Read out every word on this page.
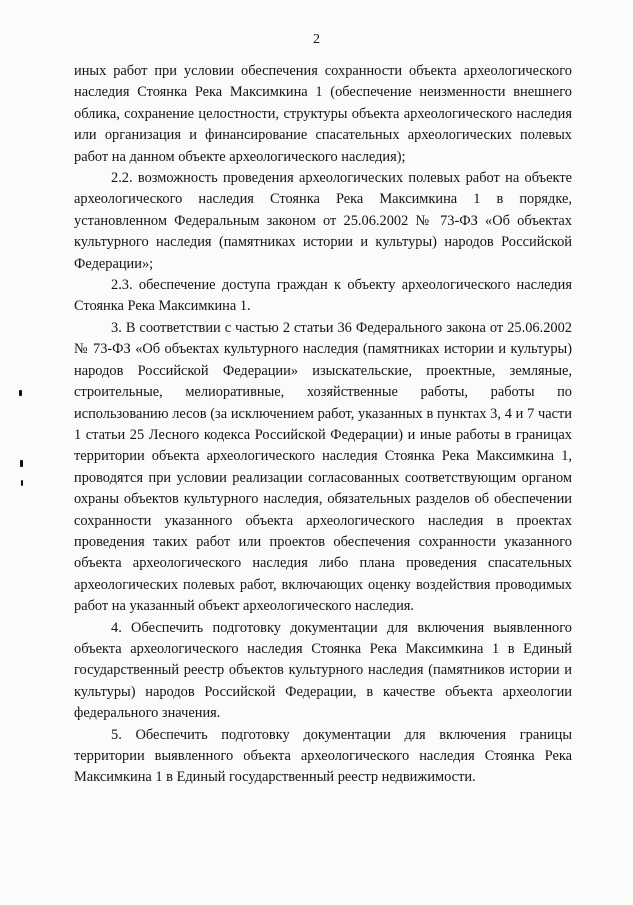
2

иных работ при условии обеспечения сохранности объекта археологического наследия Стоянка Река Максимкина 1 (обеспечение неизменности внешнего облика, сохранение целостности, структуры объекта археологического наследия или организация и финансирование спасательных археологических полевых работ на данном объекте археологического наследия);

2.2. возможность проведения археологических полевых работ на объекте археологического наследия Стоянка Река Максимкина 1 в порядке, установленном Федеральным законом от 25.06.2002 № 73-ФЗ «Об объектах культурного наследия (памятниках истории и культуры) народов Российской Федерации»;

2.3. обеспечение доступа граждан к объекту археологического наследия Стоянка Река Максимкина 1.

3. В соответствии с частью 2 статьи 36 Федерального закона от 25.06.2002 № 73-ФЗ «Об объектах культурного наследия (памятниках истории и культуры) народов Российской Федерации» изыскательские, проектные, земляные, строительные, мелиоративные, хозяйственные работы, работы по использованию лесов (за исключением работ, указанных в пунктах 3, 4 и 7 части 1 статьи 25 Лесного кодекса Российской Федерации) и иные работы в границах территории объекта археологического наследия Стоянка Река Максимкина 1, проводятся при условии реализации согласованных соответствующим органом охраны объектов культурного наследия, обязательных разделов об обеспечении сохранности указанного объекта археологического наследия в проектах проведения таких работ или проектов обеспечения сохранности указанного объекта археологического наследия либо плана проведения спасательных археологических полевых работ, включающих оценку воздействия проводимых работ на указанный объект археологического наследия.

4. Обеспечить подготовку документации для включения выявленного объекта археологического наследия Стоянка Река Максимкина 1 в Единый государственный реестр объектов культурного наследия (памятников истории и культуры) народов Российской Федерации, в качестве объекта археологии федерального значения.

5. Обеспечить подготовку документации для включения границы территории выявленного объекта археологического наследия Стоянка Река Максимкина 1 в Единый государственный реестр недвижимости.
